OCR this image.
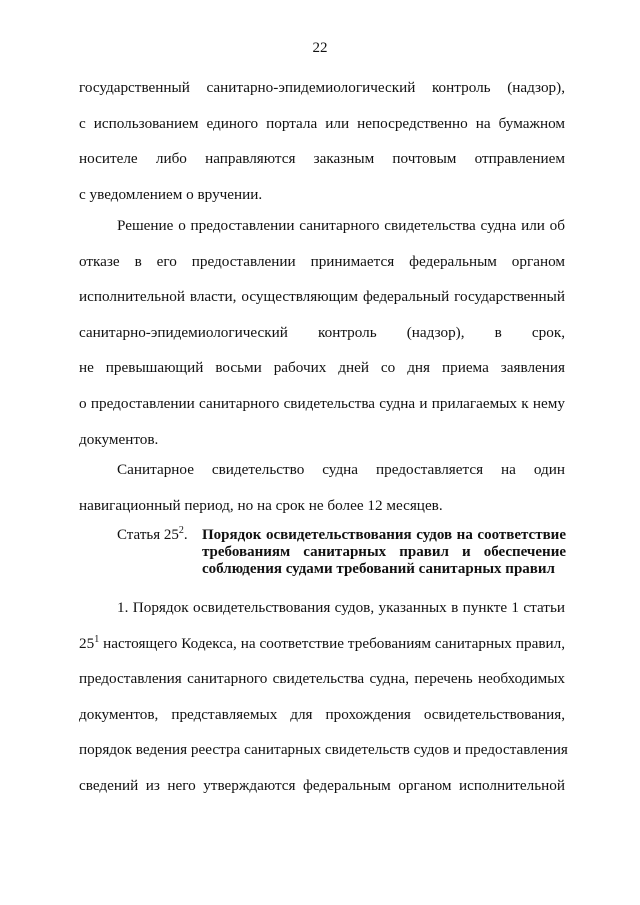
22
государственный санитарно-эпидемиологический контроль (надзор),
с использованием единого портала или непосредственно на бумажном
носителе либо направляются заказным почтовым отправлением
с уведомлением о вручении.
Решение о предоставлении санитарного свидетельства судна или об
отказе в его предоставлении принимается федеральным органом
исполнительной власти, осуществляющим федеральный государственный
санитарно-эпидемиологический контроль (надзор), в срок,
не превышающий восьми рабочих дней со дня приема заявления
о предоставлении санитарного свидетельства судна и прилагаемых к нему
документов.
Санитарное свидетельство судна предоставляется на один
навигационный период, но на срок не более 12 месяцев.
Статья $25^2$. Порядок освидетельствования судов на соответствие
требованиям санитарных правил и обеспечение
соблюдения судами требований санитарных правил
1. Порядок освидетельствования судов, указанных в пункте 1 статьи
25$^1$ настоящего Кодекса, на соответствие требованиям санитарных правил,
предоставления санитарного свидетельства судна, перечень необходимых
документов, представляемых для прохождения освидетельствования,
порядок ведения реестра санитарных свидетельств судов и предоставления
сведений из него утверждаются федеральным органом исполнительной
